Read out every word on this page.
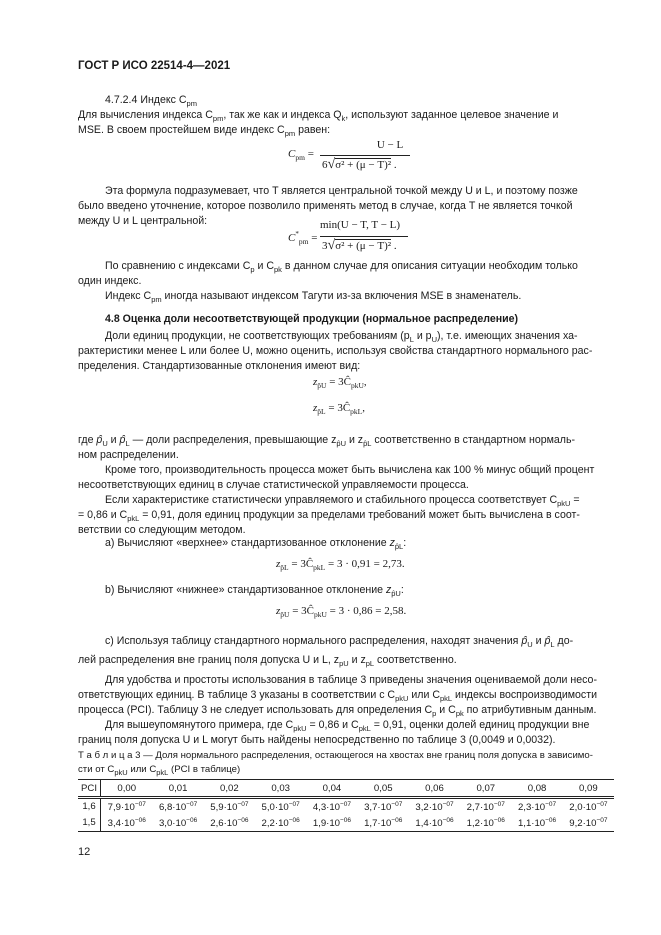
ГОСТ Р ИСО 22514-4—2021
4.7.2.4 Индекс $C_{pm}$
Для вычисления индекса $C_{pm}$, так же как и индекса $Q_k$, используют заданное целевое значение и
MSE. В своем простейшем виде индекс $C_{pm}$ равен:
$C_{pm}$ =
U − L
6√σ² + (μ − T)² .
Эта формула подразумевает, что T является центральной точкой между U и L, и поэтому позже
было введено уточнение, которое позволило применять метод в случае, когда T не является точкой
между U и L центральной:
$C^*_{pm}$ =
min(U − T, T − L)
3√σ² + (μ − T)² .
По сравнению с индексами $C_p$ и $C_{pk}$ в данном случае для описания ситуации необходим только
один индекс.
Индекс $C_{pm}$ иногда называют индексом Тагути из-за включения MSE в знаменатель.
4.8 Оценка доли несоответствующей продукции (нормальное распределение)
Доли единиц продукции, не соответствующих требованиям ($p_L$ и $p_U$), т.е. имеющих значения ха-
рактеристики менее L или более U, можно оценить, используя свойства стандартного нормального рас-
пределения. Стандартизованные отклонения имеют вид:
$z_{p̂U}$ = $3Ĉ_{pkU}$,
$z_{p̂L}$ = $3Ĉ_{pkL}$,
где $p̂_U$ и $p̂_L$ — доли распределения, превышающие $z_{p̂U}$ и $z_{p̂L}$ соответственно в стандартном нормаль-
ном распределении.
Кроме того, производительность процесса может быть вычислена как 100 % минус общий процент
несоответствующих единиц в случае статистической управляемости процесса.
Если характеристике статистически управляемого и стабильного процесса соответствует $C_{pkU}$ =
= 0,86 и $C_{pkL} = 0,91$, доля единиц продукции за пределами требований может быть вычислена в соот-
ветствии со следующим методом.
a) Вычисляют «верхнее» стандартизованное отклонение $z_{p̂L}$:
$z_{p̂L}$ = $3Ĉ_{pkL} = 3 \cdot 0,91 = 2,73$.
b) Вычисляют «нижнее» стандартизованное отклонение $z_{p̂U}$:
$z_{p̂U}$ = $3Ĉ_{pkU} = 3 \cdot 0,86 = 2,58$.
c) Используя таблицу стандартного нормального распределения, находят значения $p̂_U$ и $p̂_L$ до-
лей распределения вне границ поля допуска U и L, $z_{pU}$ и $z_{pL}$ соответственно.
Для удобства и простоты использования в таблице 3 приведены значения оцениваемой доли несо-
ответствующих единиц. В таблице 3 указаны в соответствии с $C_{pkU}$ или $C_{pkL}$ индексы воспроизводимости
процесса (PCI). Таблицу 3 не следует использовать для определения $C_p$ и $C_{pk}$ по атрибутивным данным.
Для вышеупомянутого примера, где $C_{pkU} = 0,86$ и $C_{pkL} = 0,91$, оценки долей единиц продукции вне
границ поля допуска U и L могут быть найдены непосредственно по таблице 3 (0,0049 и 0,0032).
Т а б л и ц а 3 — Доля нормального распределения, остающегося на хвостах вне границ поля допуска в зависимо-
сти от $C_{pkU}$ или $C_{pkL}$ (PCI в таблице)
PCI	0,00	0,01	0,02	0,03	0,04	0,05	0,06	0,07	0,08	0,09
1,6	$7,9\cdot 10^{-07}$	$6,8\cdot 10^{-07}$	$5,9\cdot 10^{-07}$	$5,0\cdot 10^{-07}$	$4,3\cdot 10^{-07}$	$3,7\cdot 10^{-07}$	$3,2\cdot 10^{-07}$	$2,7\cdot 10^{-07}$	$2,3\cdot 10^{-07}$	$2,0\cdot 10^{-07}$
1,5	$3,4\cdot 10^{-06}$	$3,0\cdot 10^{-06}$	$2,6\cdot 10^{-06}$	$2,2\cdot 10^{-06}$	$1,9\cdot 10^{-06}$	$1,7\cdot 10^{-06}$	$1,4\cdot 10^{-06}$	$1,2\cdot 10^{-06}$	$1,1\cdot 10^{-06}$	$9,2\cdot 10^{-07}$
12
